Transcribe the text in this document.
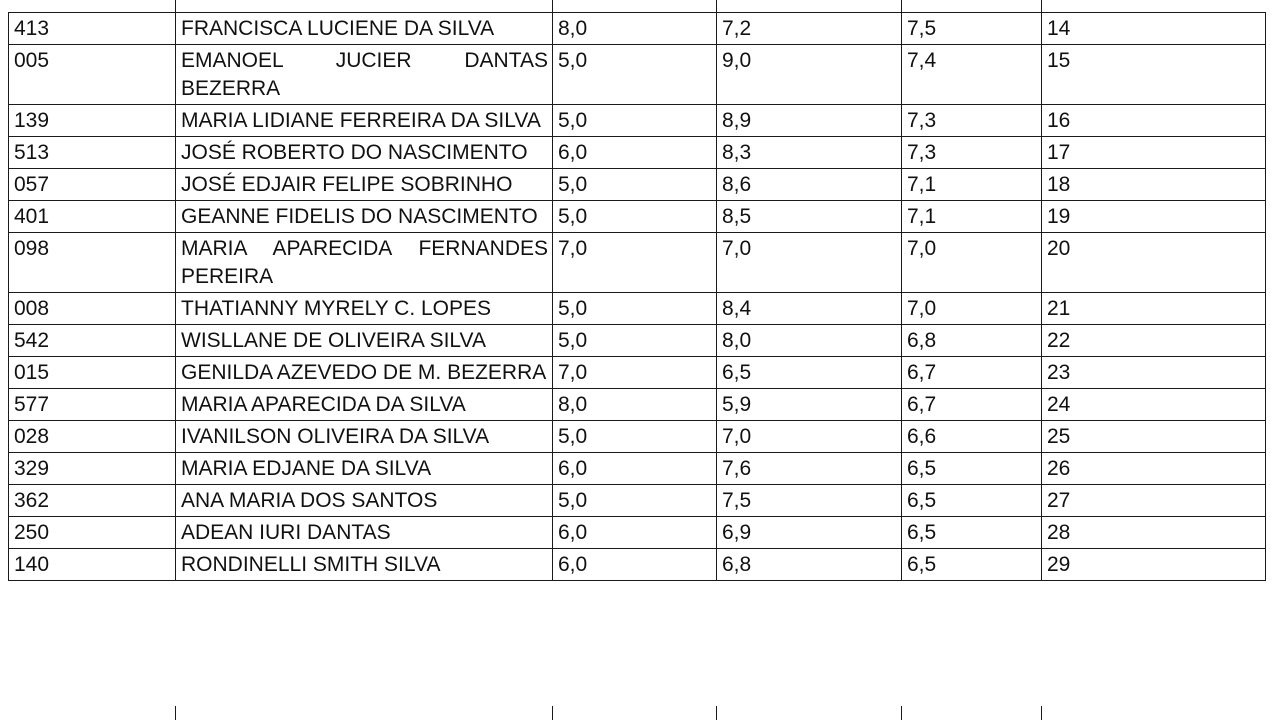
413	FRANCISCA LUCIENE DA SILVA	8,0	7,2	7,5	14
005	EMANOEL JUCIER DANTAS BEZERRA	5,0	9,0	7,4	15
139	MARIA LIDIANE FERREIRA DA SILVA	5,0	8,9	7,3	16
513	JOSÉ ROBERTO DO NASCIMENTO	6,0	8,3	7,3	17
057	JOSÉ EDJAIR FELIPE SOBRINHO	5,0	8,6	7,1	18
401	GEANNE FIDELIS DO NASCIMENTO	5,0	8,5	7,1	19
098	MARIA APARECIDA FERNANDES PEREIRA	7,0	7,0	7,0	20
008	THATIANNY MYRELY C. LOPES	5,0	8,4	7,0	21
542	WISLLANE DE OLIVEIRA SILVA	5,0	8,0	6,8	22
015	GENILDA AZEVEDO DE M. BEZERRA	7,0	6,5	6,7	23
577	MARIA APARECIDA DA SILVA	8,0	5,9	6,7	24
028	IVANILSON OLIVEIRA DA SILVA	5,0	7,0	6,6	25
329	MARIA EDJANE DA SILVA	6,0	7,6	6,5	26
362	ANA MARIA DOS SANTOS	5,0	7,5	6,5	27
250	ADEAN IURI DANTAS	6,0	6,9	6,5	28
140	RONDINELLI SMITH SILVA	6,0	6,8	6,5	29
